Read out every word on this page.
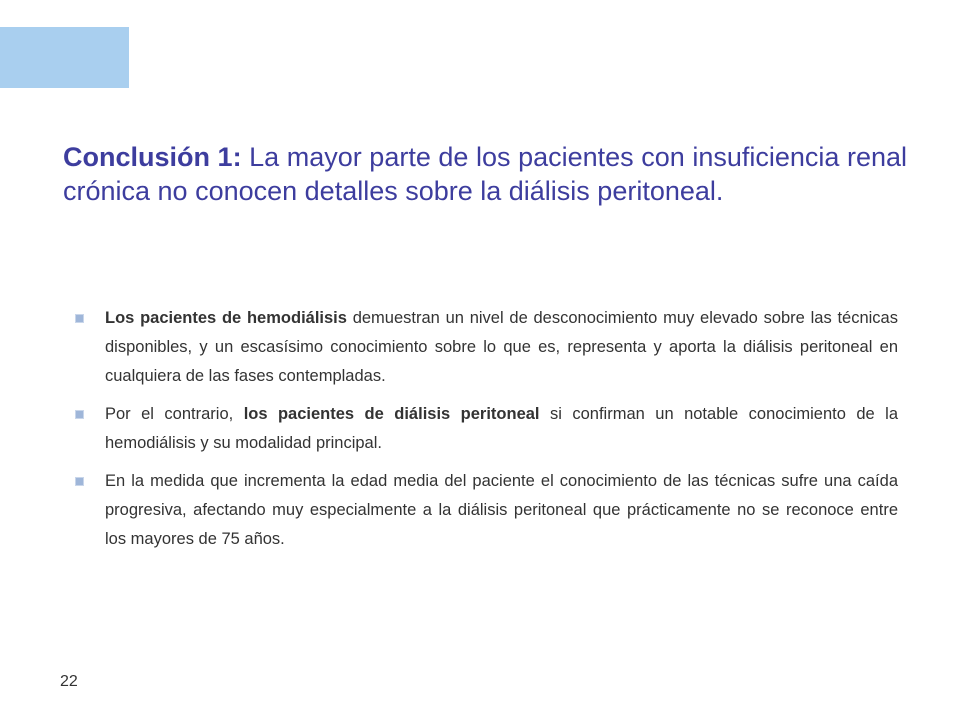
Conclusión 1: La mayor parte de los pacientes con insuficiencia renal crónica no conocen detalles sobre la diálisis peritoneal.

Los pacientes de hemodiálisis demuestran un nivel de desconocimiento muy elevado sobre las técnicas disponibles, y un escasísimo conocimiento sobre lo que es, representa y aporta la diálisis peritoneal en cualquiera de las fases contempladas.
Por el contrario, los pacientes de diálisis peritoneal si confirman un notable conocimiento de la hemodiálisis y su modalidad principal.
En la medida que incrementa la edad media del paciente el conocimiento de las técnicas sufre una caída progresiva, afectando muy especialmente a la diálisis peritoneal que prácticamente no se reconoce entre los mayores de 75 años.
22
